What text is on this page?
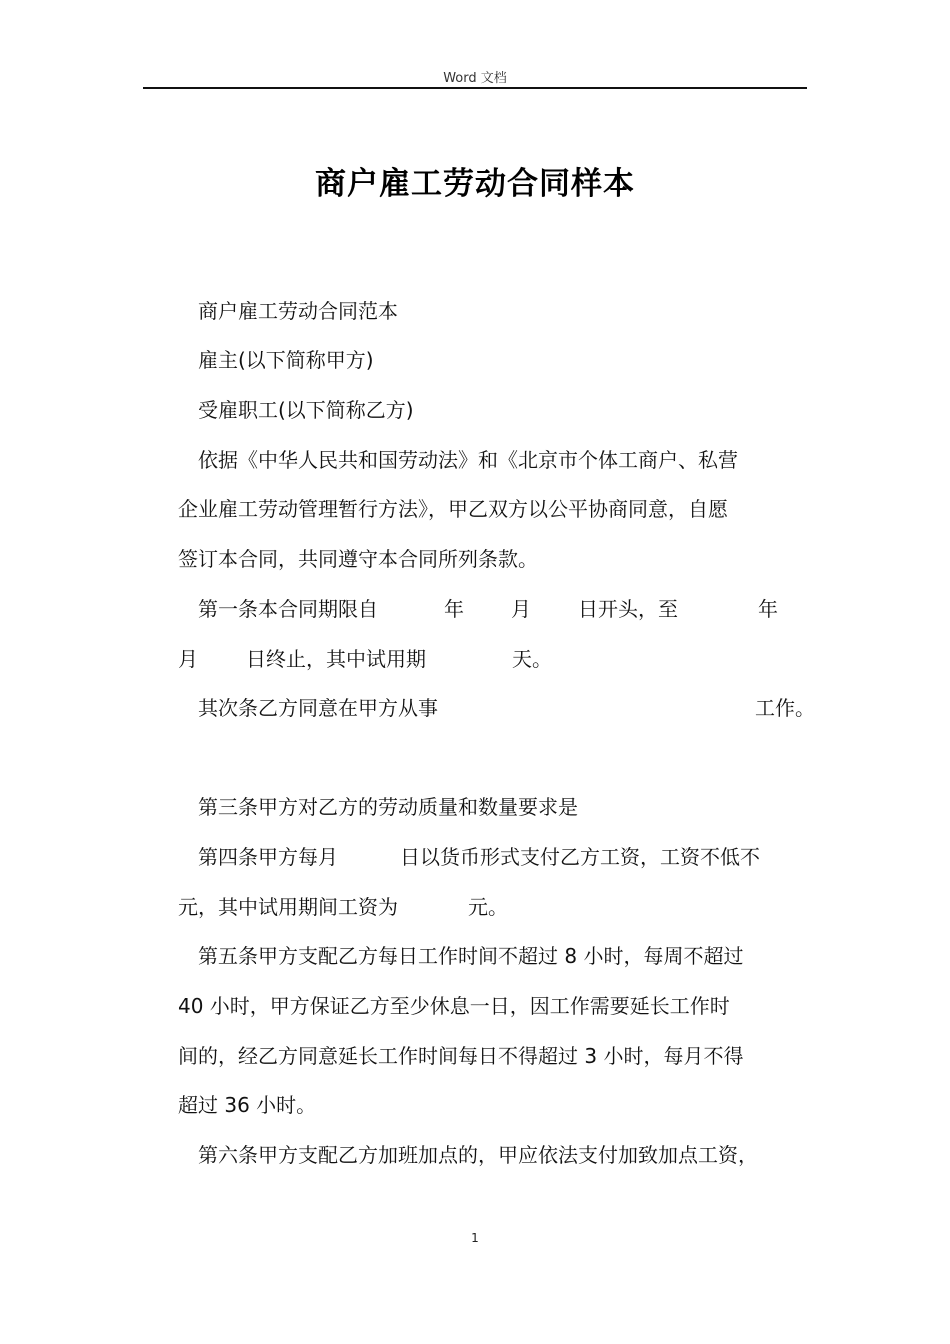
Word 文档
商户雇工劳动合同样本
商户雇工劳动合同范本
雇主(以下简称甲方)
受雇职工(以下简称乙方)
依据《中华人民共和国劳动法》和《北京市个体工商户、私营
企业雇工劳动管理暂行方法》，甲乙双方以公平协商同意，自愿
签订本合同，共同遵守本合同所列条款。
第一条本合同期限自	年 月 日开头，至	年
月 日终止，其中试用期	天。
其次条乙方同意在甲方从事	工作。
第三条甲方对乙方的劳动质量和数量要求是
第四条甲方每月	日以货币形式支付乙方工资，工资不低不
元，其中试用期间工资为	元。
第五条甲方支配乙方每日工作时间不超过 8 小时，每周不超过
40 小时，甲方保证乙方至少休息一日，因工作需要延长工作时
间的，经乙方同意延长工作时间每日不得超过 3 小时，每月不得
超过 36 小时。
第六条甲方支配乙方加班加点的，甲应依法支付加致加点工资，
1
